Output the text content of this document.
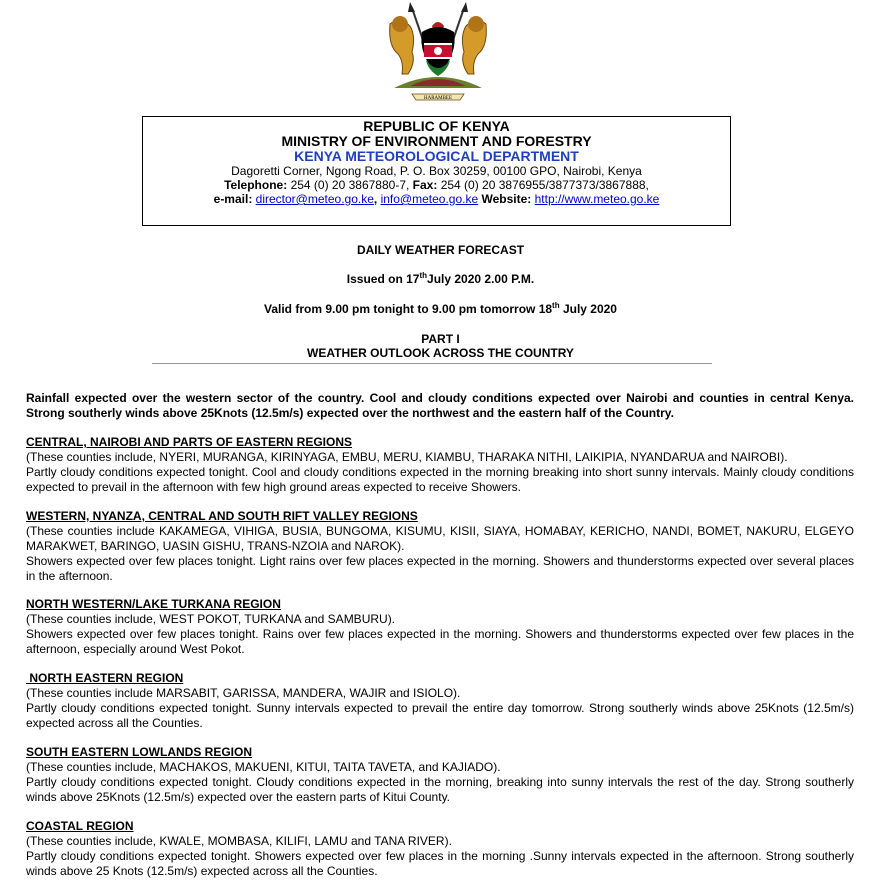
HARAMBEE
REPUBLIC OF KENYA
MINISTRY OF ENVIRONMENT AND FORESTRY
KENYA METEOROLOGICAL DEPARTMENT
Dagoretti Corner, Ngong Road, P. O. Box 30259, 00100 GPO, Nairobi, Kenya
Telephone: 254 (0) 20 3867880-7, Fax: 254 (0) 20 3876955/3877373/3867888,
e-mail: director@meteo.go.ke, info@meteo.go.ke Website: http://www.meteo.go.ke
DAILY WEATHER FORECAST
Issued on 17thJuly 2020 2.00 P.M.
Valid from 9.00 pm tonight to 9.00 pm tomorrow 18th July 2020
PART I
WEATHER OUTLOOK ACROSS THE COUNTRY
Rainfall expected over the western sector of the country. Cool and cloudy conditions expected over Nairobi and counties in central Kenya. Strong southerly winds above 25Knots (12.5m/s) expected over the northwest and the eastern half of the Country.
CENTRAL, NAIROBI AND PARTS OF EASTERN REGIONS
(These counties include, NYERI, MURANGA, KIRINYAGA, EMBU, MERU, KIAMBU, THARAKA NITHI, LAIKIPIA, NYANDARUA and NAIROBI).
Partly cloudy conditions expected tonight. Cool and cloudy conditions expected in the morning breaking into short sunny intervals. Mainly cloudy conditions expected to prevail in the afternoon with few high ground areas expected to receive Showers.
WESTERN, NYANZA, CENTRAL AND SOUTH RIFT VALLEY REGIONS
(These counties include KAKAMEGA, VIHIGA, BUSIA, BUNGOMA, KISUMU, KISII, SIAYA, HOMABAY, KERICHO, NANDI, BOMET, NAKURU, ELGEYO MARAKWET, BARINGO, UASIN GISHU, TRANS-NZOIA and NAROK).
Showers expected over few places tonight. Light rains over few places expected in the morning. Showers and thunderstorms expected over several places in the afternoon.
NORTH WESTERN/LAKE TURKANA REGION
(These counties include, WEST POKOT, TURKANA and SAMBURU).
Showers expected over few places tonight. Rains over few places expected in the morning. Showers and thunderstorms expected over few places in the afternoon, especially around West Pokot.
NORTH EASTERN REGION
(These counties include MARSABIT, GARISSA, MANDERA, WAJIR and ISIOLO).
Partly cloudy conditions expected tonight. Sunny intervals expected to prevail the entire day tomorrow. Strong southerly winds above 25Knots (12.5m/s) expected across all the Counties.
SOUTH EASTERN LOWLANDS REGION
(These counties include, MACHAKOS, MAKUENI, KITUI, TAITA TAVETA, and KAJIADO).
Partly cloudy conditions expected tonight. Cloudy conditions expected in the morning, breaking into sunny intervals the rest of the day. Strong southerly winds above 25Knots (12.5m/s) expected over the eastern parts of Kitui County.
COASTAL REGION
(These counties include, KWALE, MOMBASA, KILIFI, LAMU and TANA RIVER).
Partly cloudy conditions expected tonight. Showers expected over few places in the morning .Sunny intervals expected in the afternoon. Strong southerly winds above 25 Knots (12.5m/s) expected across all the Counties.
